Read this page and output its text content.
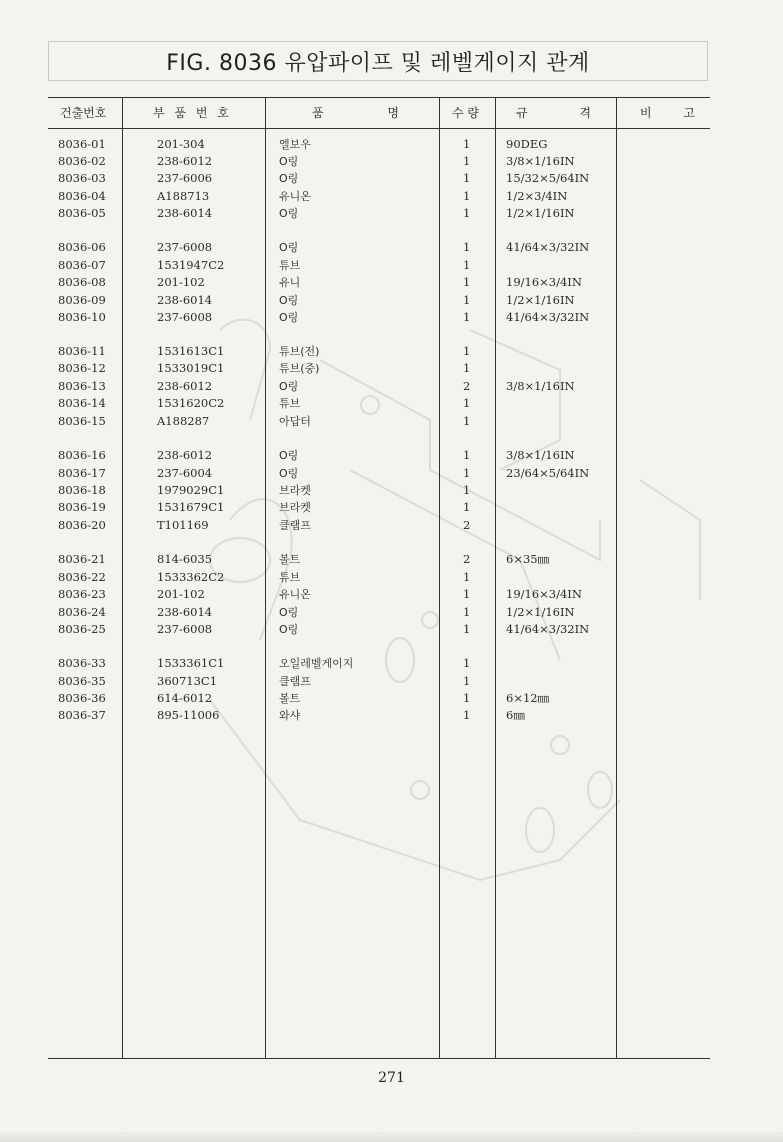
FIG. 8036 유압파이프 및 레벨게이지 관계
건출번호	부 품 번 호	품 명	수 량	규 격	비 고
8036-01	201-304	엘보우	1	90DEG
8036-02	238-6012	O링	1	3/8×1/16IN
8036-03	237-6006	O링	1	15/32×5/64IN
8036-04	A188713	유니온	1	1/2×3/4IN
8036-05	238-6014	O링	1	1/2×1/16IN
8036-06	237-6008	O링	1	41/64×3/32IN
8036-07	1531947C2	튜브	1
8036-08	201-102	유니	1	19/16×3/4IN
8036-09	238-6014	O링	1	1/2×1/16IN
8036-10	237-6008	O링	1	41/64×3/32IN
8036-11	1531613C1	튜브(전)	1
8036-12	1533019C1	튜브(중)	1
8036-13	238-6012	O링	2	3/8×1/16IN
8036-14	1531620C2	튜브	1
8036-15	A188287	아답터	1
8036-16	238-6012	O링	1	3/8×1/16IN
8036-17	237-6004	O링	1	23/64×5/64IN
8036-18	1979029C1	브라켓	1
8036-19	1531679C1	브라켓	1
8036-20	T101169	클램프	2
8036-21	814-6035	볼트	2	6×35㎜
8036-22	1533362C2	튜브	1
8036-23	201-102	유니온	1	19/16×3/4IN
8036-24	238-6014	O링	1	1/2×1/16IN
8036-25	237-6008	O링	1	41/64×3/32IN
8036-33	1533361C1	오일레벨게이지	1
8036-35	360713C1	클램프	1
8036-36	614-6012	볼트	1	6×12㎜
8036-37	895-11006	와샤	1	6㎜
271
